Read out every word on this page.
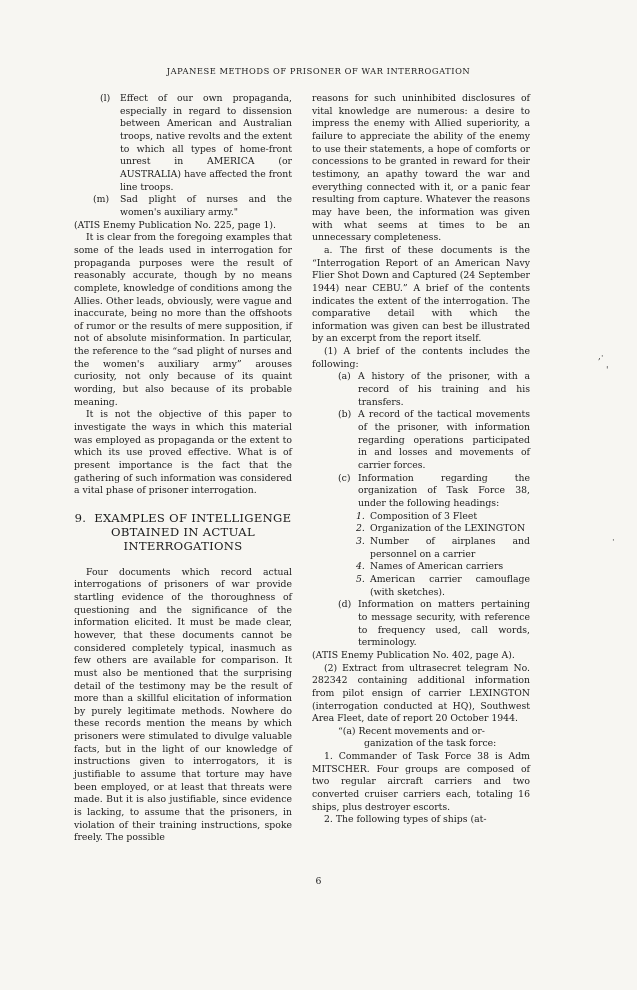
JAPANESE METHODS OF PRISONER OF WAR INTERROGATION
(l)	Effect of our own propaganda, especially in regard to dissension between American and Australian troops, native revolts and the extent to which all types of home-front unrest in AMERICA (or AUSTRALIA) have affected the front line troops.
(m)	Sad plight of nurses and the women's auxiliary army."

(ATIS Enemy Publication No. 225, page 1).

It is clear from the foregoing examples that some of the leads used in interrogation for propaganda purposes were the result of reasonably accurate, though by no means complete, knowledge of conditions among the Allies. Other leads, obviously, were vague and inaccurate, being no more than the offshoots of rumor or the results of mere supposition, if not of absolute misinformation. In particular, the reference to the “sad plight of nurses and the women's auxiliary army” arouses curiosity, not only because of its quaint wording, but also because of its probable meaning.

It is not the objective of this paper to investigate the ways in which this material was employed as propaganda or the extent to which its use proved effective. What is of present importance is the fact that the gathering of such information was considered a vital phase of prisoner interrogation.

9. EXAMPLES OF INTELLIGENGE
OBTAINED IN ACTUAL
INTERROGATIONS

Four documents which record actual interrogations of prisoners of war provide startling evidence of the thoroughness of questioning and the significance of the information elicited. It must be made clear, however, that these documents cannot be considered completely typical, inasmuch as few others are available for comparison. It must also be mentioned that the surprising detail of the testimony may be the result of more than a skillful elicitation of information by purely legitimate methods. Nowhere do these records mention the means by which prisoners were stimulated to divulge valuable facts, but in the light of our knowledge of instructions given to interrogators, it is justifiable to assume that torture may have been employed, or at least that threats were made. But it is also justifiable, since evidence is lacking, to assume that the prisoners, in violation of their training instructions, spoke freely. The possible

reasons for such uninhibited disclosures of vital knowledge are numerous: a desire to impress the enemy with Allied superiority, a failure to appreciate the ability of the enemy to use their statements, a hope of comforts or concessions to be granted in reward for their testimony, an apathy toward the war and everything connected with it, or a panic fear resulting from capture. Whatever the reasons may have been, the information was given with what seems at times to be an unnecessary completeness.

a. The first of these documents is the “Interrogation Report of an American Navy Flier Shot Down and Captured (24 September 1944) near CEBU.” A brief of the contents indicates the extent of the interrogation. The comparative detail with which the information was given can best be illustrated by an excerpt from the report itself.

(1) A brief of the contents includes the following:

(a) A history of the prisoner, with a record of his training and his transfers.
(b) A record of the tactical movements of the prisoner, with information regarding operations participated in and losses and movements of carrier forces.
(c) Information regarding the organization of Task Force 38, under the following headings:
1. Composition of 3 Fleet
2. Organization of the LEXINGTON
3. Number of airplanes and personnel on a carrier
4. Names of American carriers
5. American carrier camouflage (with sketches).
(d) Information on matters pertaining to message security, with reference to frequency used, call words, terminology.

(ATIS Enemy Publication No. 402, page A).

(2) Extract from ultrasecret telegram No. 282342 containing additional information from pilot ensign of carrier LEXINGTON (interrogation conducted at HQ), Southwest Area Fleet, date of report 20 October 1944.

“(a) Recent movements and or-

ganization of the task force:

1. Commander of Task Force 38 is Adm MITSCHER. Four groups are composed of two regular aircraft carriers and two converted cruiser carriers each, totaling 16 ships, plus destroyer escorts.

2. The following types of ships (at-

6
,·
'
·
